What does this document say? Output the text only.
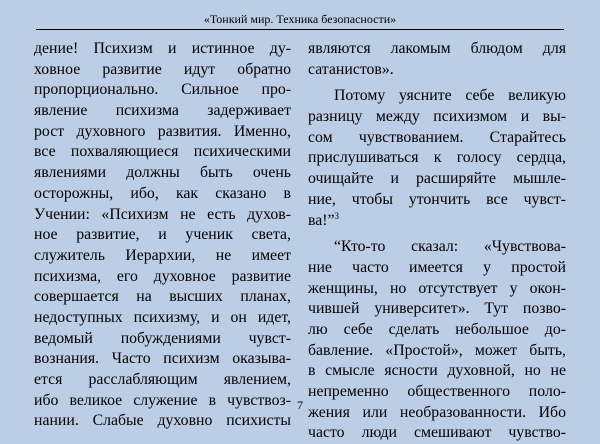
«Тонкий мир. Техника безопасности»
дение! Психизм и истинное ду-
ховное развитие идут обратно
пропорционально. Сильное про-
явление психизма задерживает
рост духовного развития. Именно,
все похваляющиеся психическими
явлениями должны быть очень
осторожны, ибо, как сказано в
Учении: «Психизм не есть духов-
ное развитие, и ученик света,
служитель Иерархии, не имеет
психизма, его духовное развитие
совершается на высших планах,
недоступных психизму, и он идет,
ведомый побуждениями чувст-
вознания. Часто психизм оказыва-
ется расслабляющим явлением,
ибо великое служение в чувствоз-
нании. Слабые духовно психисты
являются лакомым блюдом для
сатанистов».
Потому уясните себе великую
разницу между психизмом и вы-
сом чувствованием. Старайтесь
прислушиваться к голосу сердца,
очищайте и расширяйте мышле-
ние, чтобы утончить все чувст-
ва!”$^3$
“Кто-то сказал: «Чувствова-
ние часто имеется у простой
женщины, но отсутствует у окон-
чившей университет». Тут позво-
лю себе сделать небольшое до-
бавление. «Простой», может быть,
в смысле ясности духовной, но не
непременно общественного поло-
жения или необразованности. Ибо
часто люди смешивают чувство-
7
